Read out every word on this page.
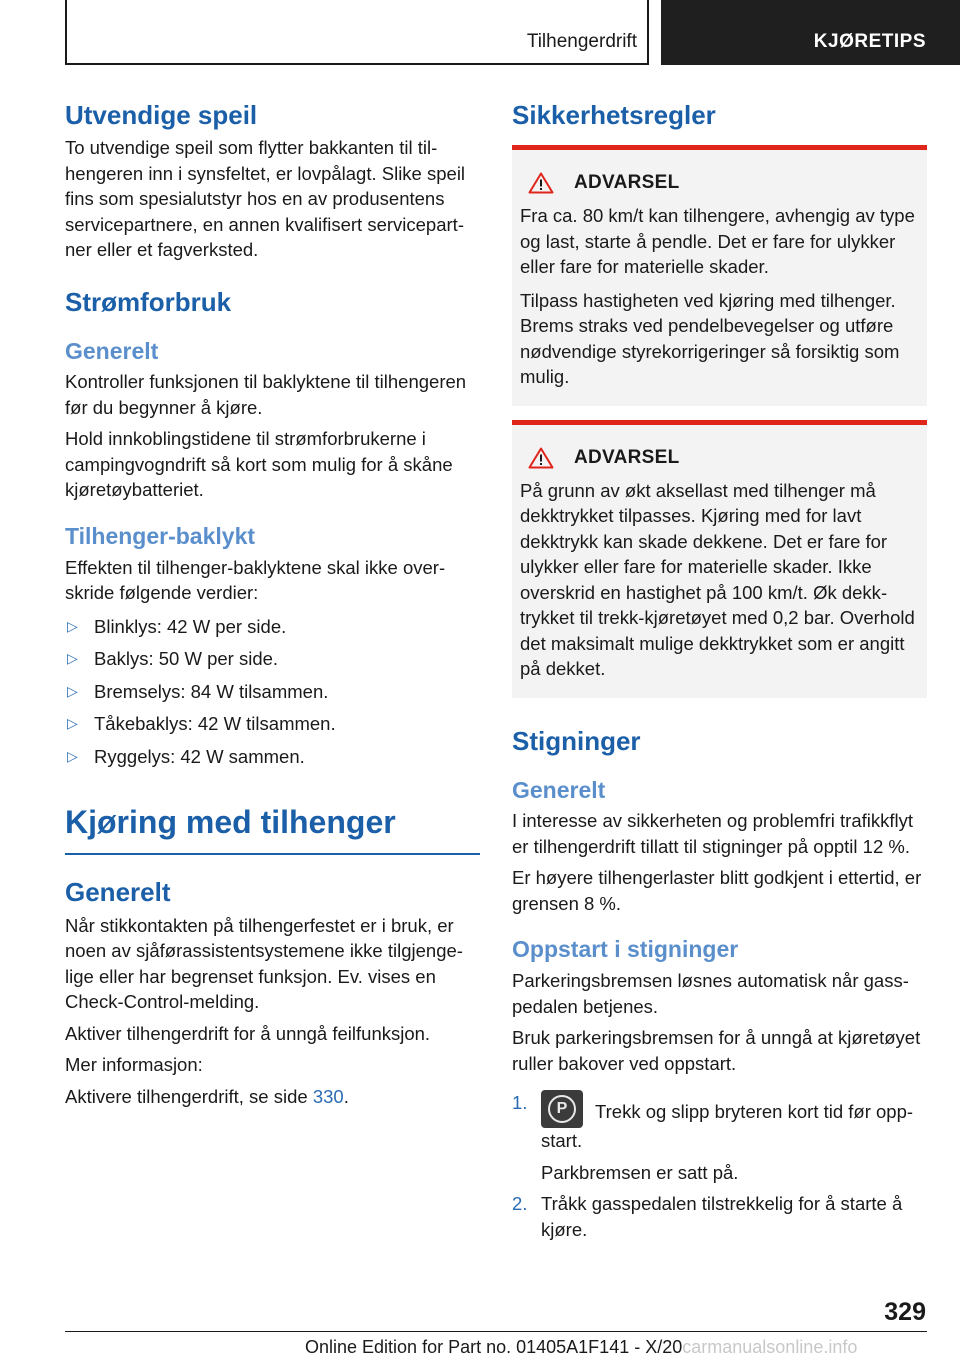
Tilhengerdrift	KJØRETIPS
Utvendige speil

To utvendige speil som flytter bakkanten til tilhengeren inn i synsfeltet, er lovpålagt. Slike speil fins som spesialutstyr hos en av produsentens servicepartnere, en annen kvalifisert servicepartner eller et fagverksted.

Strømforbruk
Generelt

Kontroller funksjonen til baklyktene til tilhengeren før du begynner å kjøre.

Hold innkoblingstidene til strømforbrukerne i campingvogndrift så kort som mulig for å skåne kjøretøybatteriet.

Tilhenger-baklykt

Effekten til tilhenger-baklyktene skal ikke overskride følgende verdier:

▷ Blinklys: 42 W per side.
▷ Baklys: 50 W per side.
▷ Bremselys: 84 W tilsammen.
▷ Tåkebaklys: 42 W tilsammen.
▷ Ryggelys: 42 W sammen.
Kjøring med tilhenger
Generelt

Når stikkontakten på tilhengerfestet er i bruk, er noen av sjåførassistentsystemene ikke tilgjengelige eller har begrenset funksjon. Ev. vises en Check-Control-melding.

Aktiver tilhengerdrift for å unngå feilfunksjon.

Mer informasjon:

Aktivere tilhengerdrift, se side 330.

Sikkerhetsregler
ADVARSEL

Fra ca. 80 km/t kan tilhengere, avhengig av type og last, starte å pendle. Det er fare for ulykker eller fare for materielle skader.

Tilpass hastigheten ved kjøring med tilhenger. Brems straks ved pendelbevegelser og utføre nødvendige styrekorrigeringer så forsiktig som mulig.

ADVARSEL

På grunn av økt aksellast med tilhenger må dekktrykket tilpasses. Kjøring med for lavt dekktrykk kan skade dekkene. Det er fare for ulykker eller fare for materielle skader. Ikke overskrid en hastighet på 100 km/t. Øk dekktrykket til trekk-kjøretøyet med 0,2 bar. Overhold det maksimalt mulige dekktrykket som er angitt på dekket.

Stigninger
Generelt

I interesse av sikkerheten og problemfri trafikkflyt er tilhengerdrift tillatt til stigninger på opptil 12 %.

Er høyere tilhengerlaster blitt godkjent i ettertid, er grensen 8 %.

Oppstart i stigninger

Parkeringsbremsen løsnes automatisk når gasspedalen betjenes.

Bruk parkeringsbremsen for å unngå at kjøretøyet ruller bakover ved oppstart.

1.	P	Trekk og slipp bryteren kort tid før oppstart.

Parkbremsen er satt på.

2. Tråkk gasspedalen tilstrekkelig for å starte å kjøre.
329
Online Edition for Part no. 01405A1F141 - X/20carmanualsonline.info
